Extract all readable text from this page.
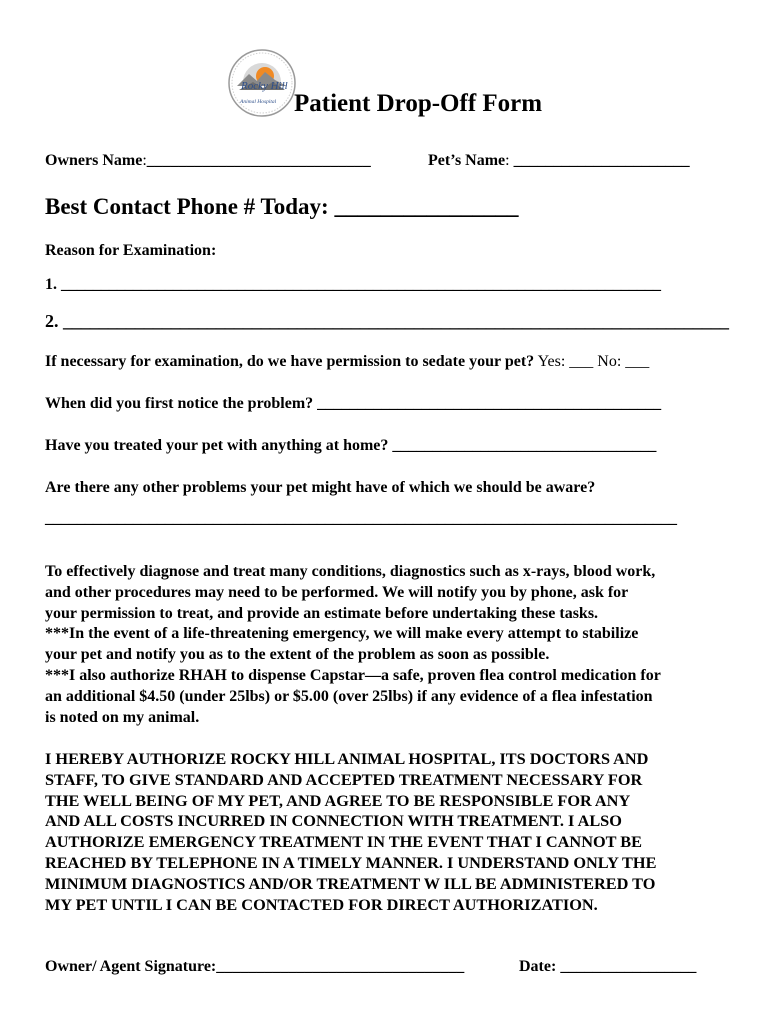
Rocky Hill
Animal Hospital Patient Drop-Off Form
Owners Name:____________________________	Pet’s Name: ______________________
Best Contact Phone # Today: ________________
Reason for Examination:
1. ___________________________________________________________________________
2. __________________________________________________________________________
If necessary for examination, do we have permission to sedate your pet? Yes: ___ No: ___
When did you first notice the problem? ___________________________________________
Have you treated your pet with anything at home? _________________________________
Are there any other problems your pet might have of which we should be aware?
_______________________________________________________________________________

To effectively diagnose and treat many conditions, diagnostics such as x-rays, blood work,

and other procedures may need to be performed. We will notify you by phone, ask for

your permission to treat, and provide an estimate before undertaking these tasks.

***In the event of a life-threatening emergency, we will make every attempt to stabilize

your pet and notify you as to the extent of the problem as soon as possible.

***I also authorize RHAH to dispense Capstar—a safe, proven flea control medication for

an additional $4.50 (under 25lbs) or $5.00 (over 25lbs) if any evidence of a flea infestation

is noted on my animal.

I HEREBY AUTHORIZE ROCKY HILL ANIMAL HOSPITAL, ITS DOCTORS AND
STAFF, TO GIVE STANDARD AND ACCEPTED TREATMENT NECESSARY FOR
THE WELL BEING OF MY PET, AND AGREE TO BE RESPONSIBLE FOR ANY
AND ALL COSTS INCURRED IN CONNECTION WITH TREATMENT. I ALSO
AUTHORIZE EMERGENCY TREATMENT IN THE EVENT THAT I CANNOT BE
REACHED BY TELEPHONE IN A TIMELY MANNER. I UNDERSTAND ONLY THE
MINIMUM DIAGNOSTICS AND/OR TREATMENT W ILL BE ADMINISTERED TO
MY PET UNTIL I CAN BE CONTACTED FOR DIRECT AUTHORIZATION.
Owner/ Agent Signature:_______________________________	Date: _________________
